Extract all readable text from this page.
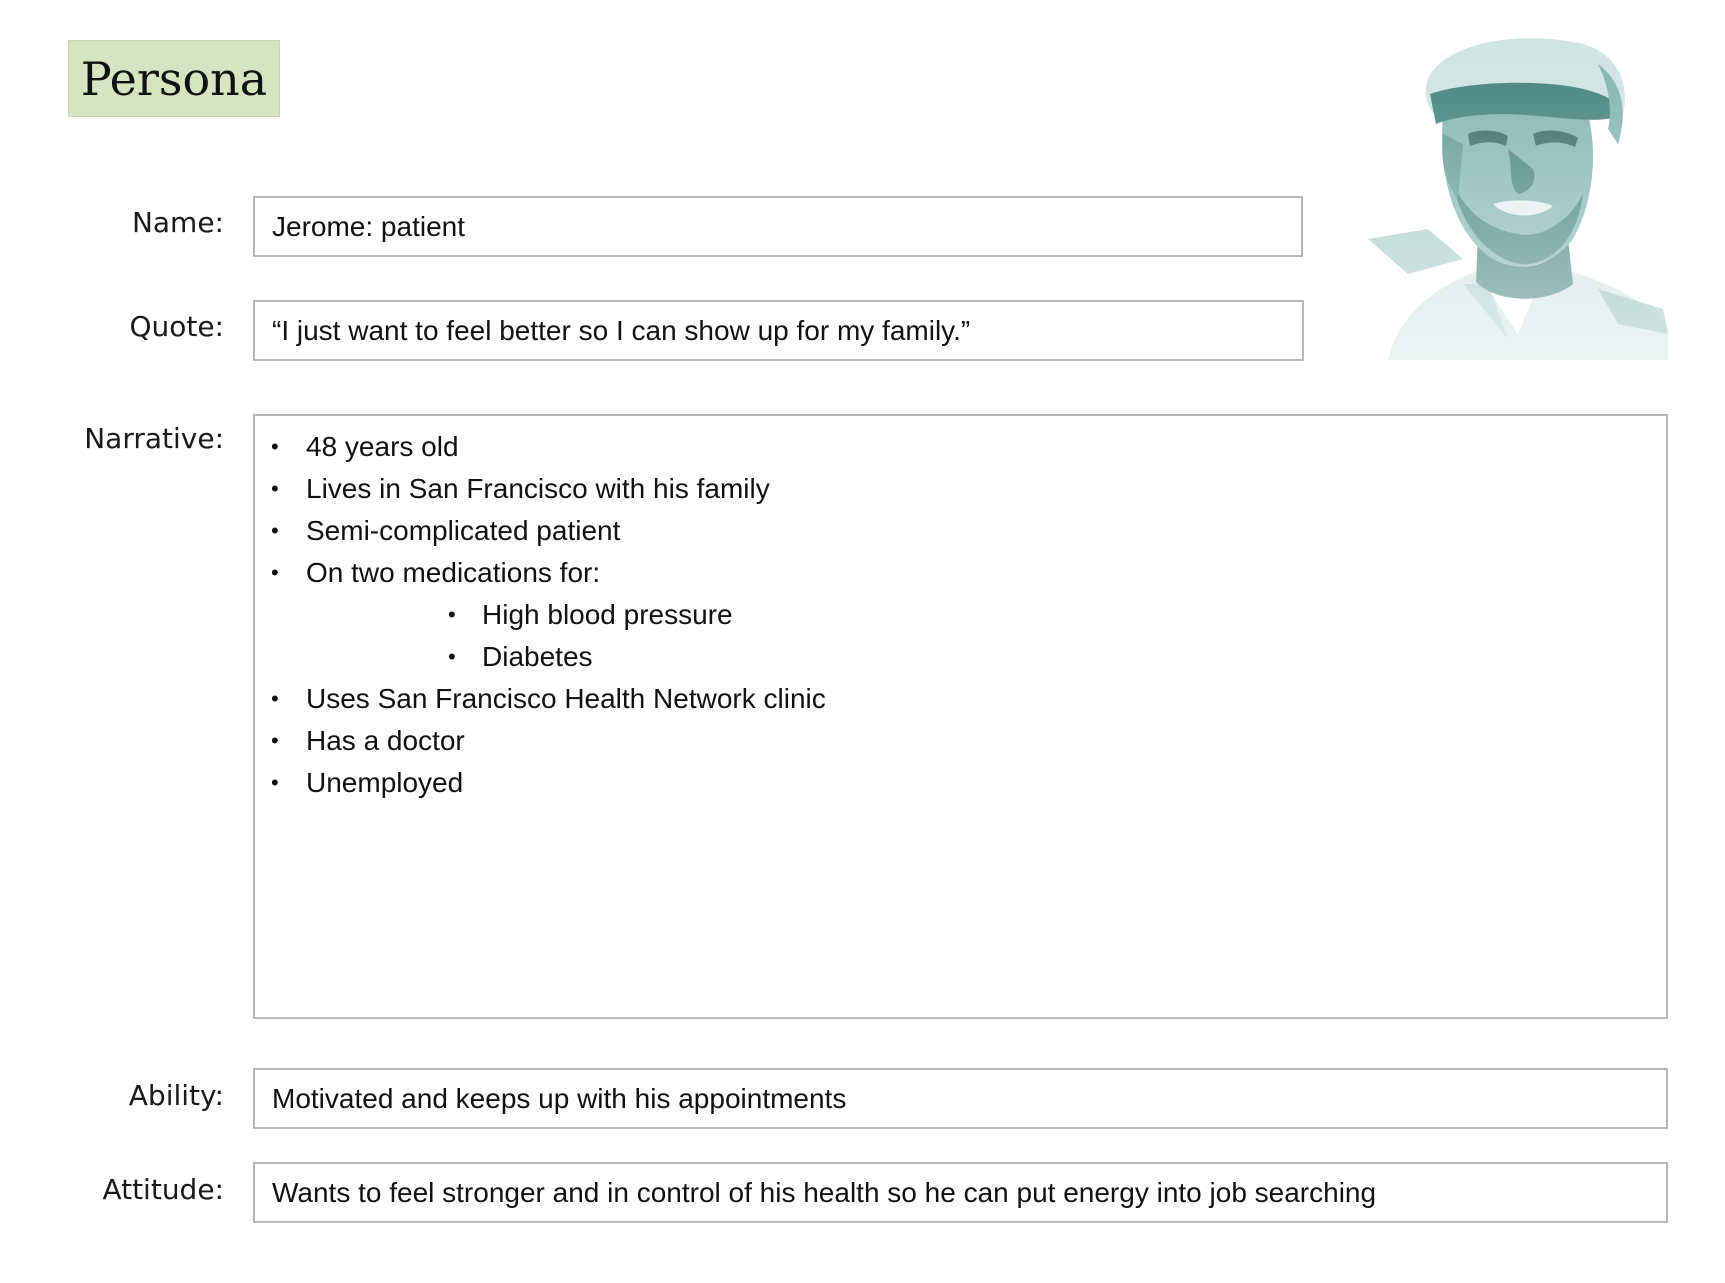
Persona
Name: Jerome: patient
Quote: “I just want to feel better so I can show up for my family.”
Narrative: • 48 years old
• Lives in San Francisco with his family
• Semi-complicated patient
• On two medications for:
• High blood pressure
• Diabetes
• Uses San Francisco Health Network clinic
• Has a doctor
• Unemployed
Ability: Motivated and keeps up with his appointments
Attitude: Wants to feel stronger and in control of his health so he can put energy into job searching
